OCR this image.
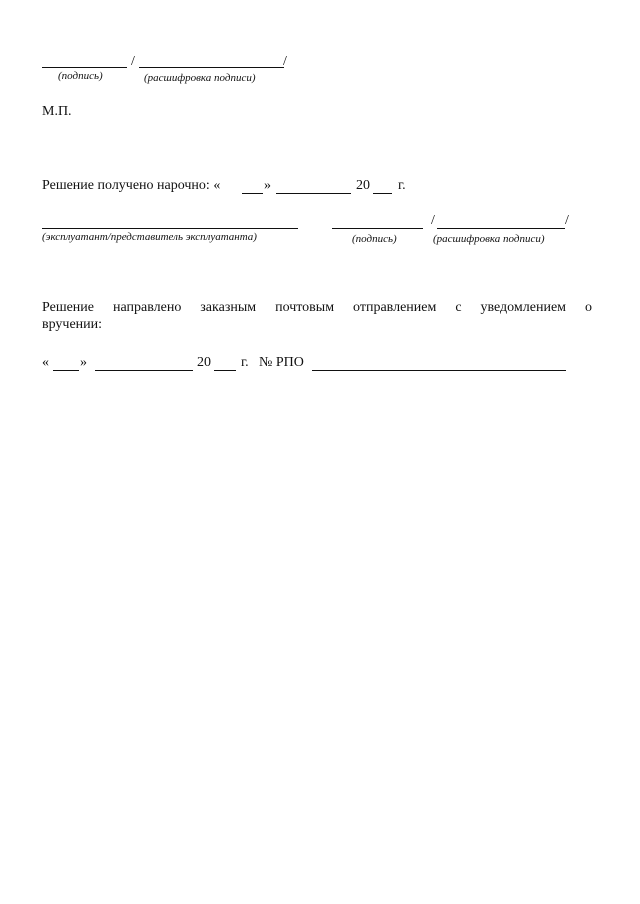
/	/
(подпись)	(расшифровка подписи)
М.П.
Решение получено нарочно: «	»	20 г.
/	/
(эксплуатант/представитель эксплуатанта)	(подпись)	(расшифровка подписи)
Решение направлено заказным почтовым отправлением с уведомлением о
вручении:
« »	20 г. № РПО
